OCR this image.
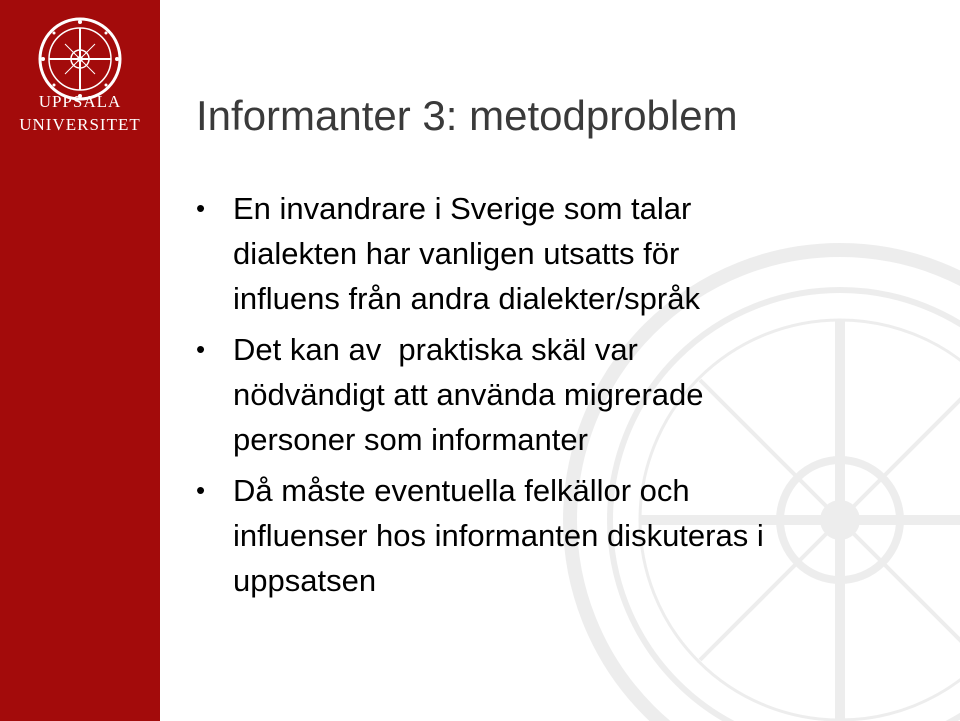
UPPSALA
UNIVERSITET	Informanter 3: metodproblem
• En invandrare i Sverige som talar
dialekten har vanligen utsatts för
influens från andra dialekter/språk
• Det kan av  praktiska skäl var
nödvändigt att använda migrerade
personer som informanter
• Då måste eventuella felkällor och
influenser hos informanten diskuteras i
uppsatsen
